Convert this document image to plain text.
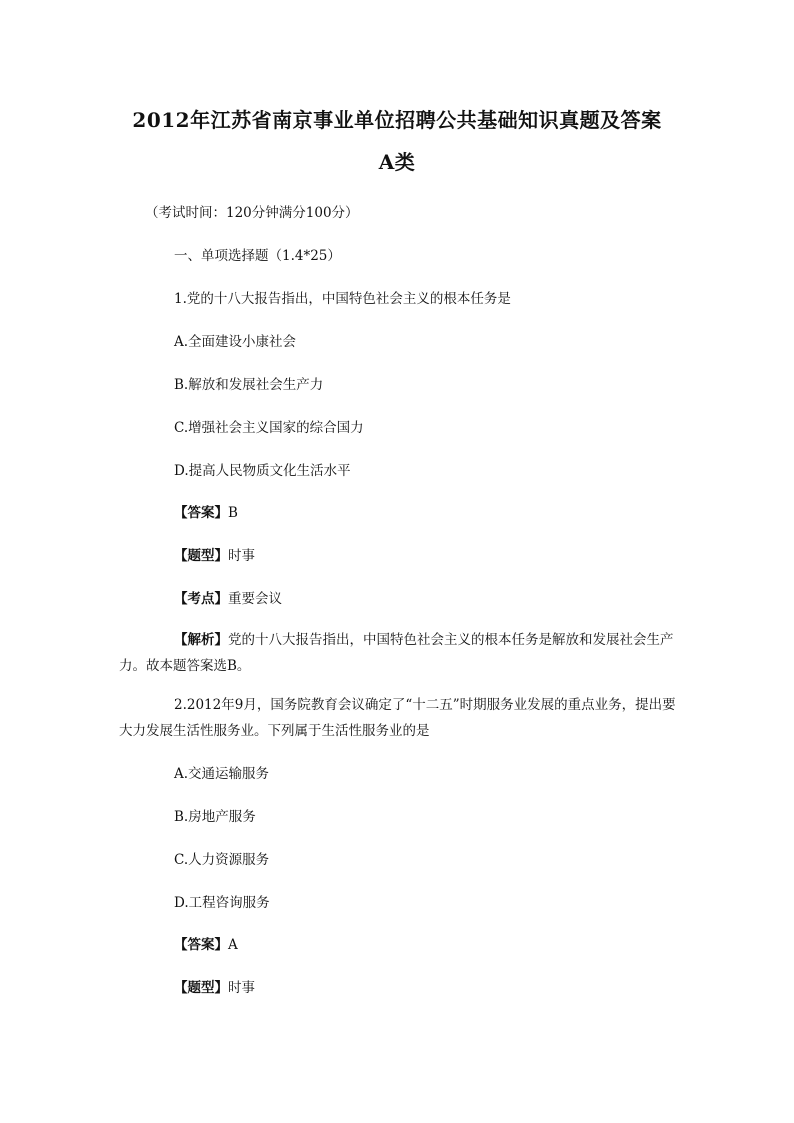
2012年江苏省南京事业单位招聘公共基础知识真题及答案
A类
（考试时间：120分钟满分100分）
一、单项选择题（1.4*25）
1.党的十八大报告指出，中国特色社会主义的根本任务是
A.全面建设小康社会
B.解放和发展社会生产力
C.增强社会主义国家的综合国力
D.提高人民物质文化生活水平
【答案】B
【题型】时事
【考点】重要会议
【解析】党的十八大报告指出，中国特色社会主义的根本任务是解放和发展社会生产力。故本题答案选B。
2.2012年9月，国务院教育会议确定了“十二五”时期服务业发展的重点业务，提出要大力发展生活性服务业。下列属于生活性服务业的是
A.交通运输服务
B.房地产服务
C.人力资源服务
D.工程咨询服务
【答案】A
【题型】时事
